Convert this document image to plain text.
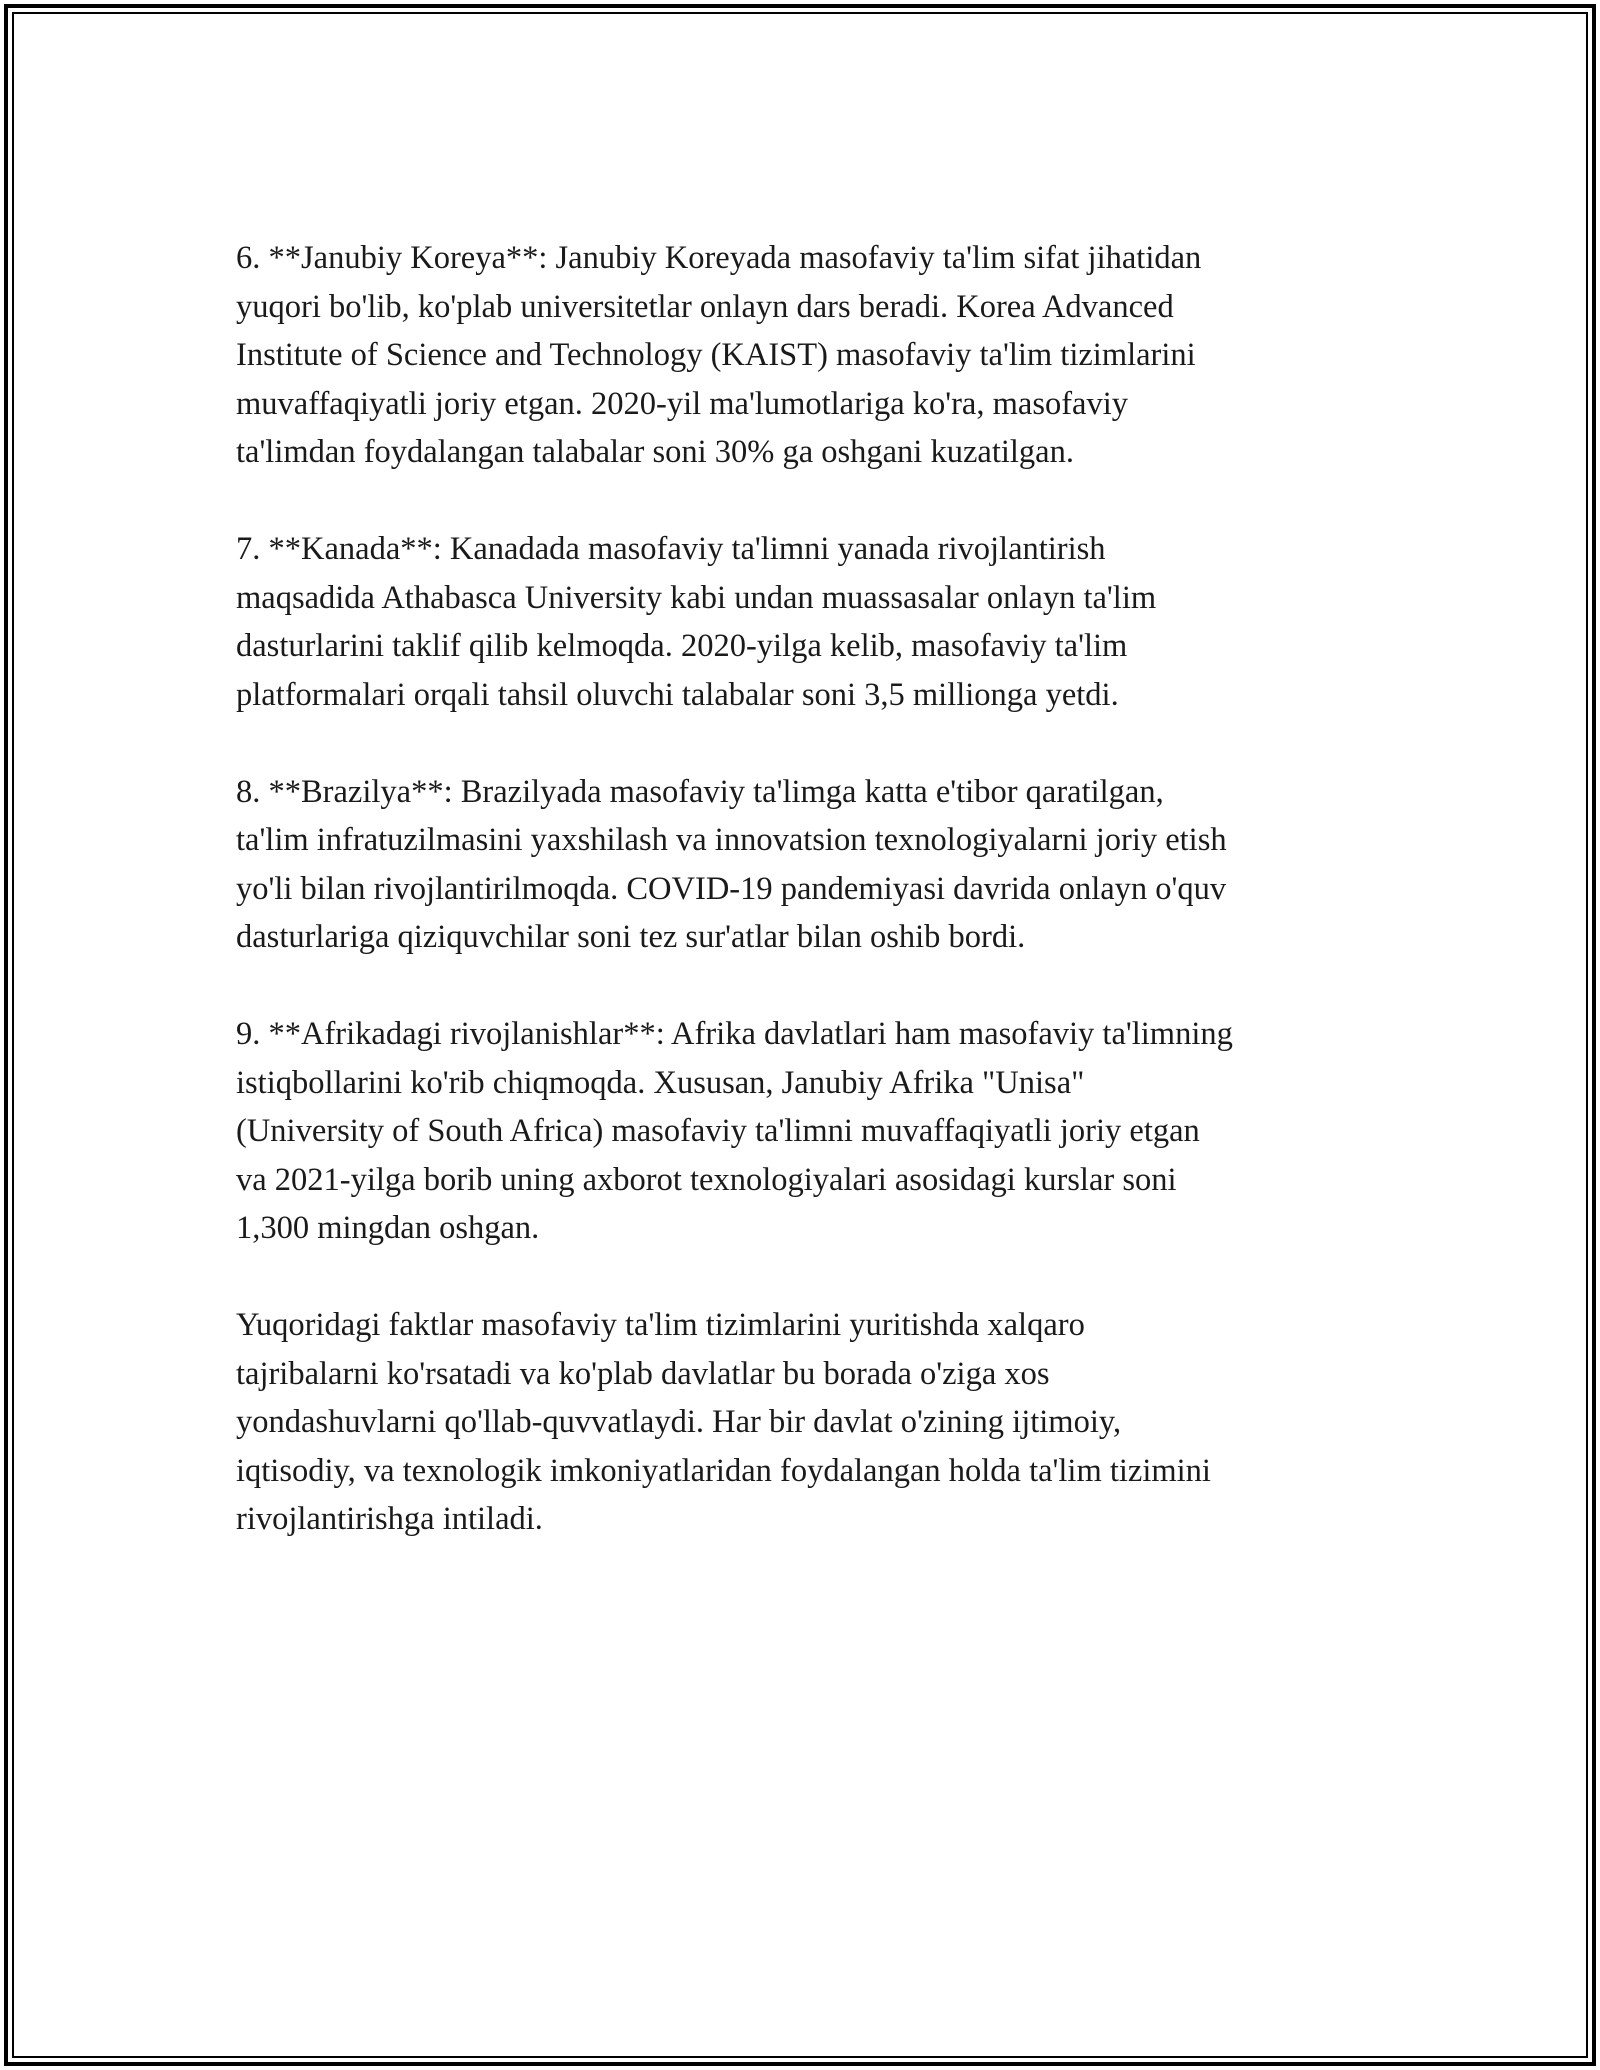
6. **Janubiy Koreya**: Janubiy Koreyada masofaviy ta'lim sifat jihatidan
yuqori bo'lib, ko'plab universitetlar onlayn dars beradi. Korea Advanced
Institute of Science and Technology (KAIST) masofaviy ta'lim tizimlarini
muvaffaqiyatli joriy etgan. 2020-yil ma'lumotlariga ko'ra, masofaviy
ta'limdan foydalangan talabalar soni 30% ga oshgani kuzatilgan.

7. **Kanada**: Kanadada masofaviy ta'limni yanada rivojlantirish
maqsadida Athabasca University kabi undan muassasalar onlayn ta'lim
dasturlarini taklif qilib kelmoqda. 2020-yilga kelib, masofaviy ta'lim
platformalari orqali tahsil oluvchi talabalar soni 3,5 millionga yetdi.

8. **Brazilya**: Brazilyada masofaviy ta'limga katta e'tibor qaratilgan,
ta'lim infratuzilmasini yaxshilash va innovatsion texnologiyalarni joriy etish
yo'li bilan rivojlantirilmoqda. COVID-19 pandemiyasi davrida onlayn o'quv
dasturlariga qiziquvchilar soni tez sur'atlar bilan oshib bordi.

9. **Afrikadagi rivojlanishlar**: Afrika davlatlari ham masofaviy ta'limning
istiqbollarini ko'rib chiqmoqda. Xususan, Janubiy Afrika "Unisa"
(University of South Africa) masofaviy ta'limni muvaffaqiyatli joriy etgan
va 2021-yilga borib uning axborot texnologiyalari asosidagi kurslar soni
1,300 mingdan oshgan.

Yuqoridagi faktlar masofaviy ta'lim tizimlarini yuritishda xalqaro
tajribalarni ko'rsatadi va ko'plab davlatlar bu borada o'ziga xos
yondashuvlarni qo'llab-quvvatlaydi. Har bir davlat o'zining ijtimoiy,
iqtisodiy, va texnologik imkoniyatlaridan foydalangan holda ta'lim tizimini
rivojlantirishga intiladi.
